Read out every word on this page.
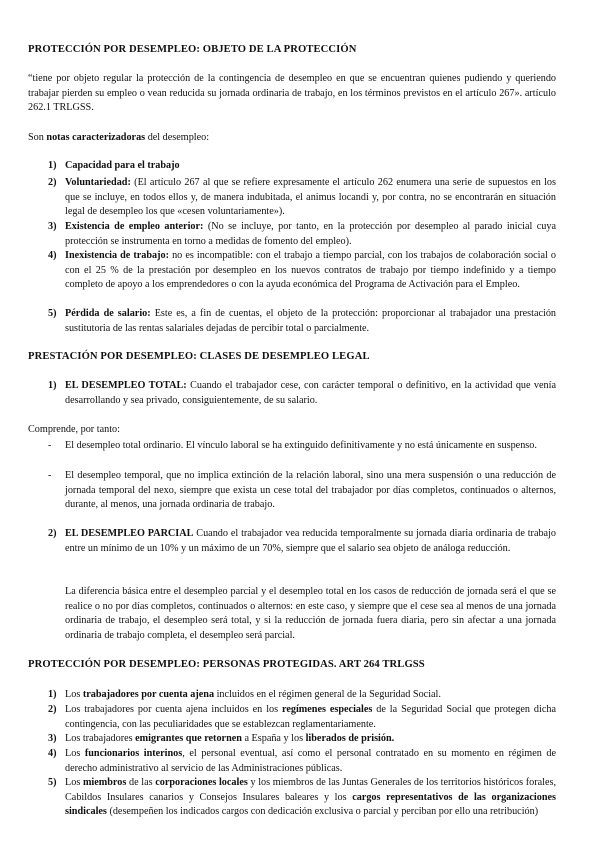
PROTECCIÓN POR DESEMPLEO: OBJETO DE LA PROTECCIÓN
“tiene por objeto regular la protección de la contingencia de desempleo en que se encuentran quienes pudiendo y queriendo trabajar pierden su empleo o vean reducida su jornada ordinaria de trabajo, en los términos previstos en el artículo 267». artículo 262.1 TRLGSS.
Son notas caracterizadoras del desempleo:
1) Capacidad para el trabajo
2) Voluntariedad: (El artículo 267 al que se refiere expresamente el artículo 262 enumera una serie de supuestos en los que se incluye, en todos ellos y, de manera indubitada, el animus locandi y, por contra, no se encontrarán en situación legal de desempleo los que «cesen voluntariamente»).
3) Existencia de empleo anterior: (No se incluye, por tanto, en la protección por desempleo al parado inicial cuya protección se instrumenta en torno a medidas de fomento del empleo).
4) Inexistencia de trabajo: no es incompatible: con el trabajo a tiempo parcial, con los trabajos de colaboración social o con el 25 % de la prestación por desempleo en los nuevos contratos de trabajo por tiempo indefinido y a tiempo completo de apoyo a los emprendedores o con la ayuda económica del Programa de Activación para el Empleo.
5) Pérdida de salario: Este es, a fin de cuentas, el objeto de la protección: proporcionar al trabajador una prestación sustitutoria de las rentas salariales dejadas de percibir total o parcialmente.
PRESTACIÓN POR DESEMPLEO: CLASES DE DESEMPLEO LEGAL
1) EL DESEMPLEO TOTAL: Cuando el trabajador cese, con carácter temporal o definitivo, en la actividad que venía desarrollando y sea privado, consiguientemente, de su salario.
Comprende, por tanto:
- El desempleo total ordinario. El vínculo laboral se ha extinguido definitivamente y no está únicamente en suspenso.
- El desempleo temporal, que no implica extinción de la relación laboral, sino una mera suspensión o una reducción de jornada temporal del nexo, siempre que exista un cese total del trabajador por días completos, continuados o alternos, durante, al menos, una jornada ordinaria de trabajo.
2) EL DESEMPLEO PARCIAL Cuando el trabajador vea reducida temporalmente su jornada diaria ordinaria de trabajo entre un mínimo de un 10% y un máximo de un 70%, siempre que el salario sea objeto de análoga reducción.
La diferencia básica entre el desempleo parcial y el desempleo total en los casos de reducción de jornada será el que se realice o no por días completos, continuados o alternos: en este caso, y siempre que el cese sea al menos de una jornada ordinaria de trabajo, el desempleo será total, y si la reducción de jornada fuera diaria, pero sin afectar a una jornada ordinaria de trabajo completa, el desempleo será parcial.
PROTECCIÓN POR DESEMPLEO: PERSONAS PROTEGIDAS. ART 264 TRLGSS
1) Los trabajadores por cuenta ajena incluidos en el régimen general de la Seguridad Social.
2) Los trabajadores por cuenta ajena incluidos en los regímenes especiales de la Seguridad Social que protegen dicha contingencia, con las peculiaridades que se establezcan reglamentariamente.
3) Los trabajadores emigrantes que retornen a España y los liberados de prisión.
4) Los funcionarios interinos, el personal eventual, así como el personal contratado en su momento en régimen de derecho administrativo al servicio de las Administraciones públicas.
5) Los miembros de las corporaciones locales y los miembros de las Juntas Generales de los territorios históricos forales, Cabildos Insulares canarios y Consejos Insulares baleares y los cargos representativos de las organizaciones sindicales (desempeñen los indicados cargos con dedicación exclusiva o parcial y perciban por ello una retribución)
